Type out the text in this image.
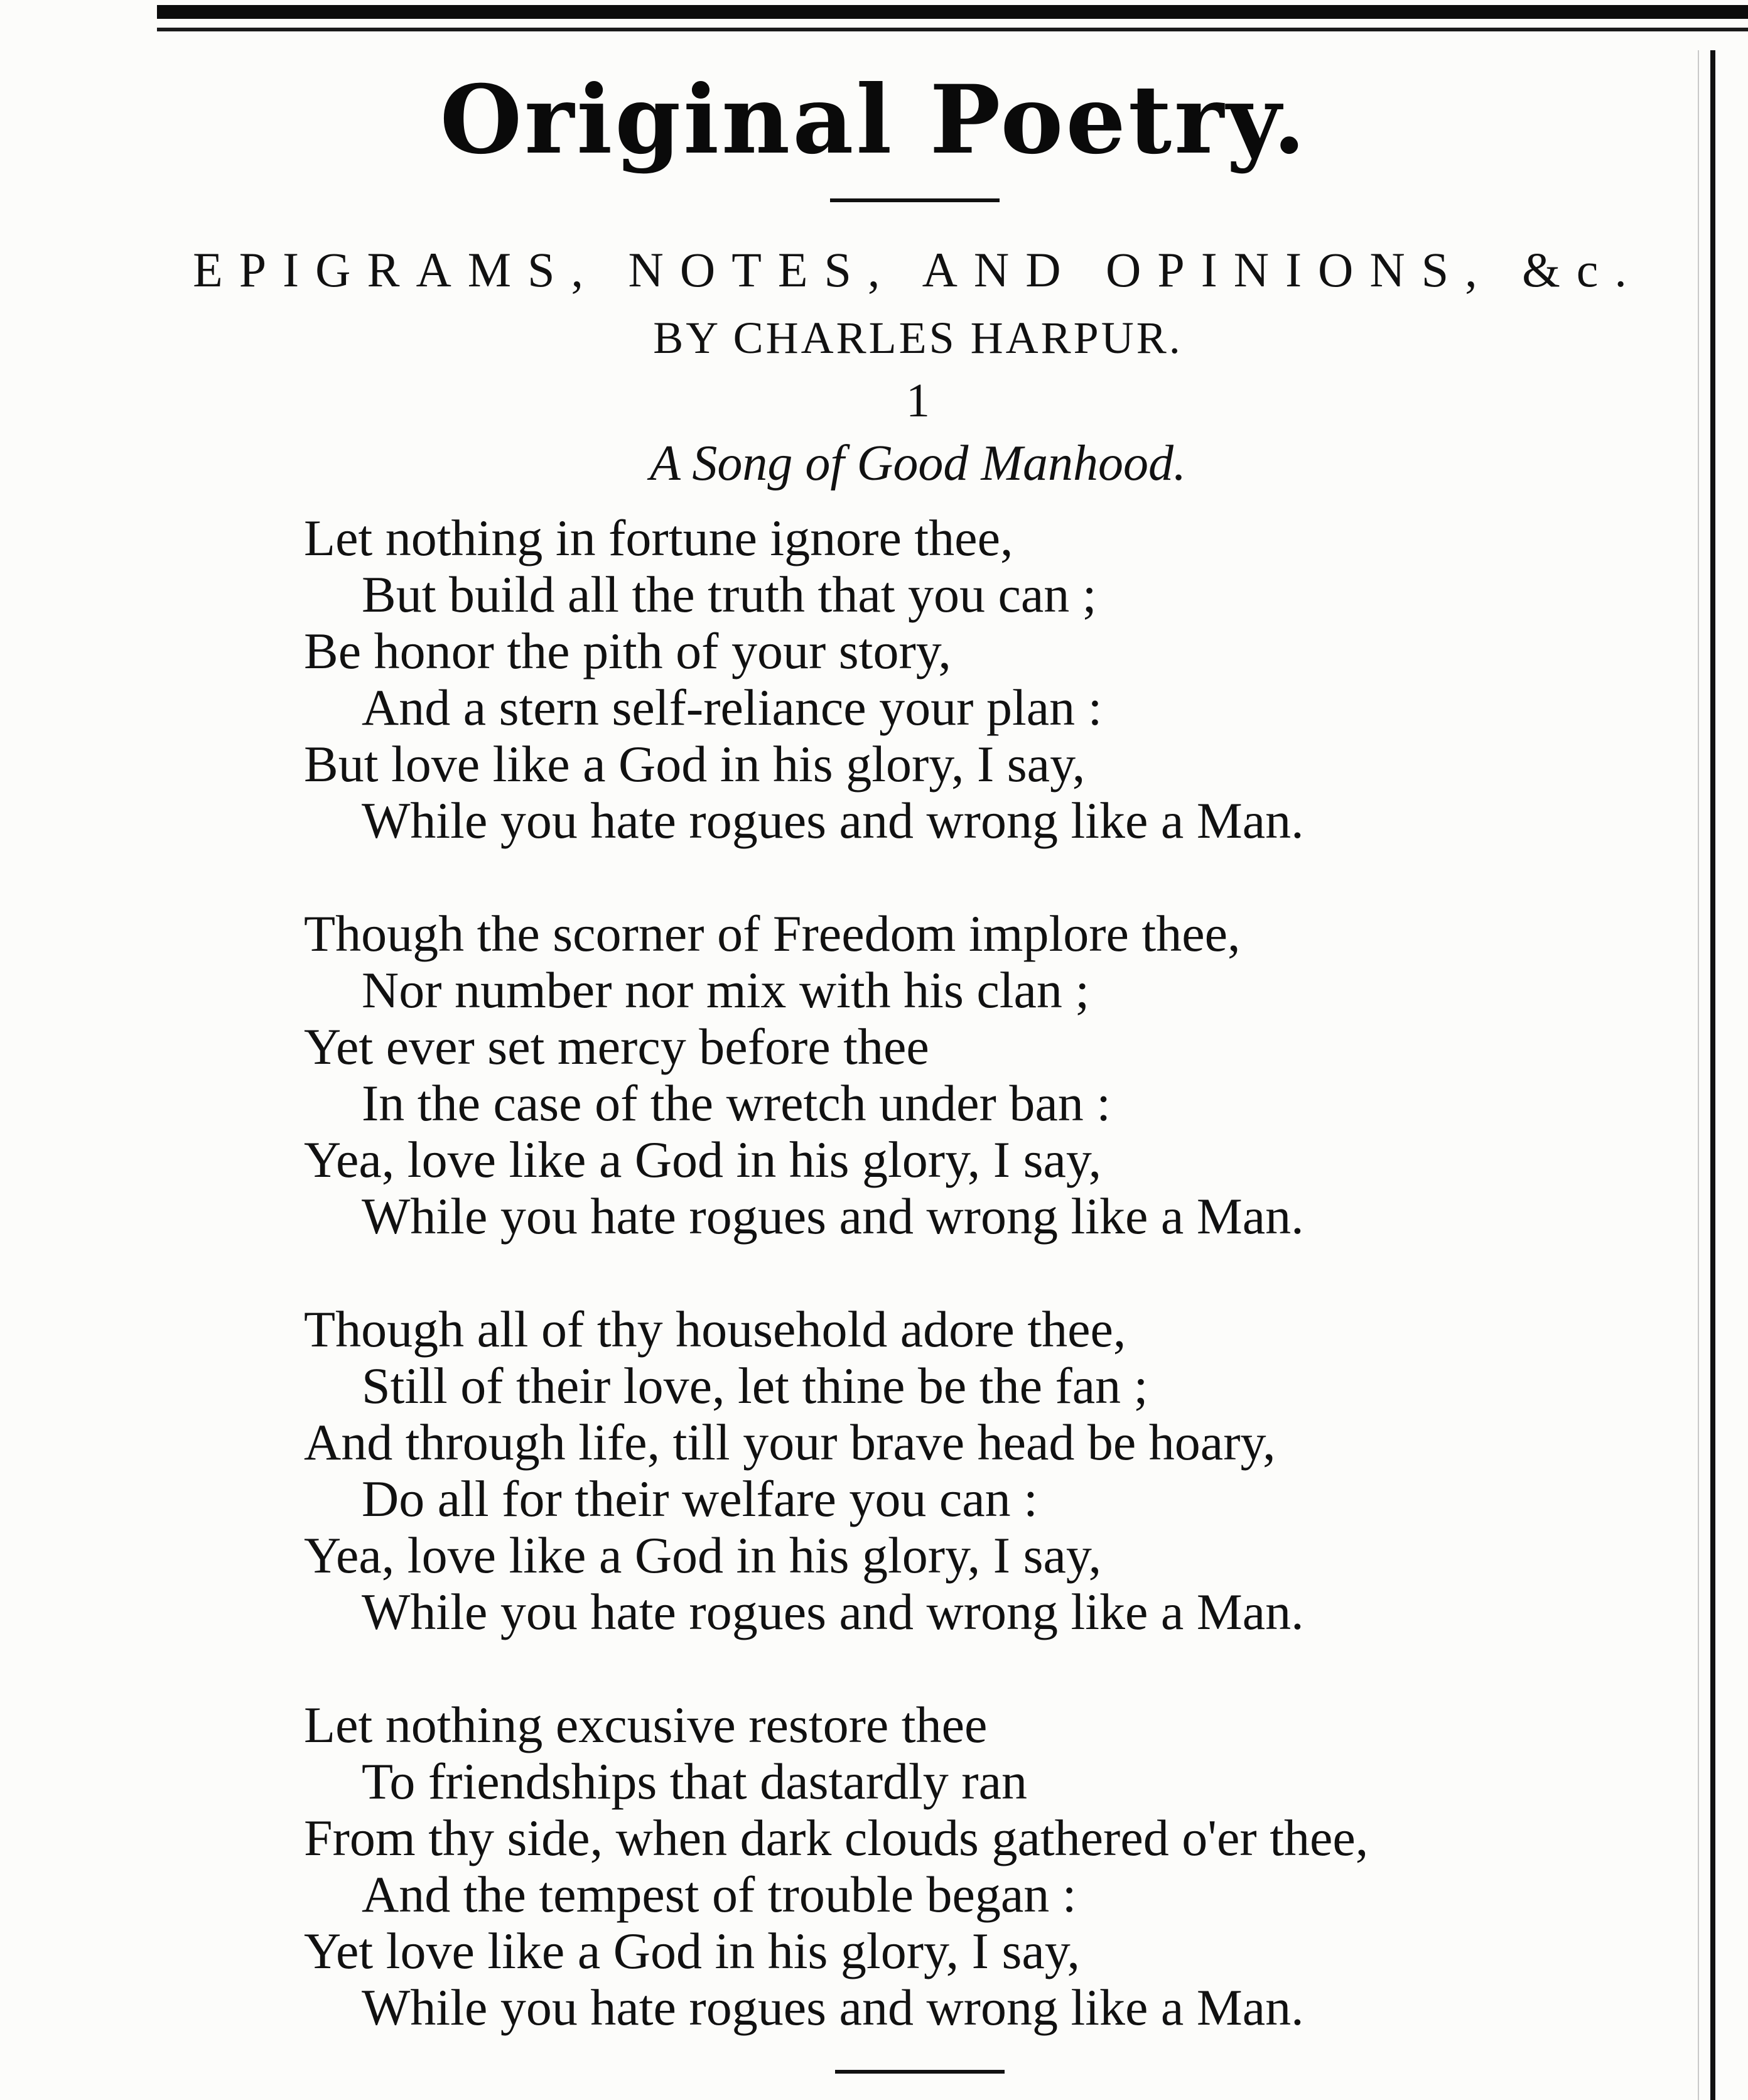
Original Poetry.
EPIGRAMS, NOTES, AND OPINIONS, &c.
BY CHARLES HARPUR.
1
A Song of Good Manhood.
Let nothing in fortune ignore thee,
But build all the truth that you can ;
Be honor the pith of your story,
And a stern self-reliance your plan :
But love like a God in his glory, I say,
While you hate rogues and wrong like a Man.
Though the scorner of Freedom implore thee,
Nor number nor mix with his clan ;
Yet ever set mercy before thee
In the case of the wretch under ban :
Yea, love like a God in his glory, I say,
While you hate rogues and wrong like a Man.
Though all of thy household adore thee,
Still of their love, let thine be the fan ;
And through life, till your brave head be hoary,
Do all for their welfare you can :
Yea, love like a God in his glory, I say,
While you hate rogues and wrong like a Man.
Let nothing excusive restore thee
To friendships that dastardly ran
From thy side, when dark clouds gathered o'er thee,
And the tempest of trouble began :
Yet love like a God in his glory, I say,
While you hate rogues and wrong like a Man.
